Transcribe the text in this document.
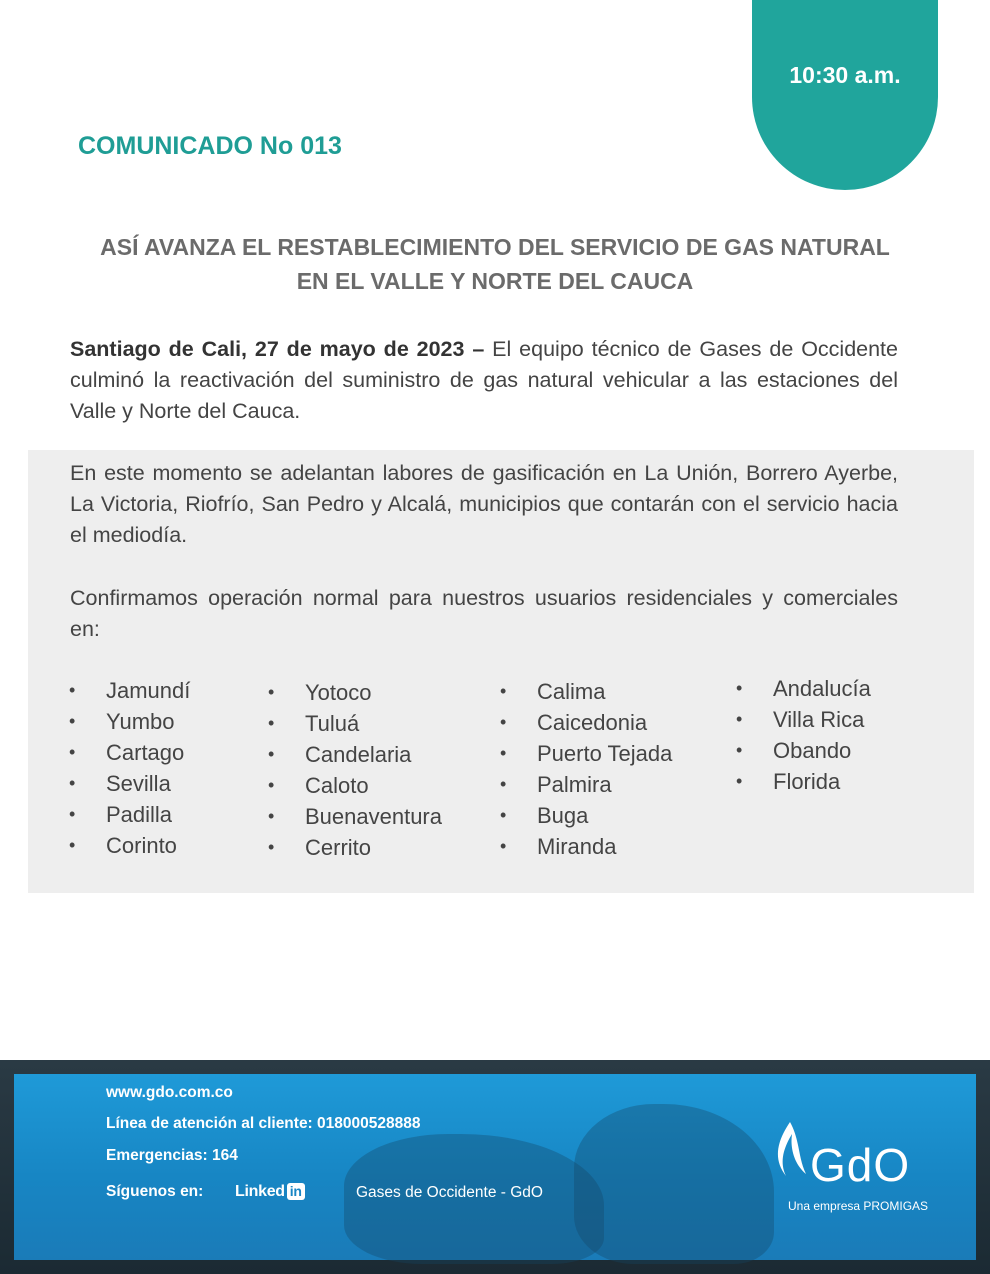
10:30 a.m.
COMUNICADO No 013
ASÍ AVANZA EL RESTABLECIMIENTO DEL SERVICIO DE GAS NATURAL
EN EL VALLE Y NORTE DEL CAUCA
Santiago de Cali, 27 de mayo de 2023 – El equipo técnico de Gases de Occidente culminó la reactivación del suministro de gas natural vehicular a las estaciones del Valle y Norte del Cauca.
En este momento se adelantan labores de gasificación en La Unión, Borrero Ayerbe, La Victoria, Riofrío, San Pedro y Alcalá, municipios que contarán con el servicio hacia el mediodía.
Confirmamos operación normal para nuestros usuarios residenciales y comerciales en:
• Jamundí
• Yumbo
• Cartago
• Sevilla
• Padilla
• Corinto
• Yotoco
• Tuluá
• Candelaria
• Caloto
• Buenaventura
• Cerrito
• Calima
• Caicedonia
• Puerto Tejada
• Palmira
• Buga
• Miranda
• Andalucía
• Villa Rica
• Obando
• Florida
www.gdo.com.co
Línea de atención al cliente: 018000528888
Emergencias: 164
Síguenos en: Linked in	Gases de Occidente - GdO
GdO
Una empresa PROMIGAS
